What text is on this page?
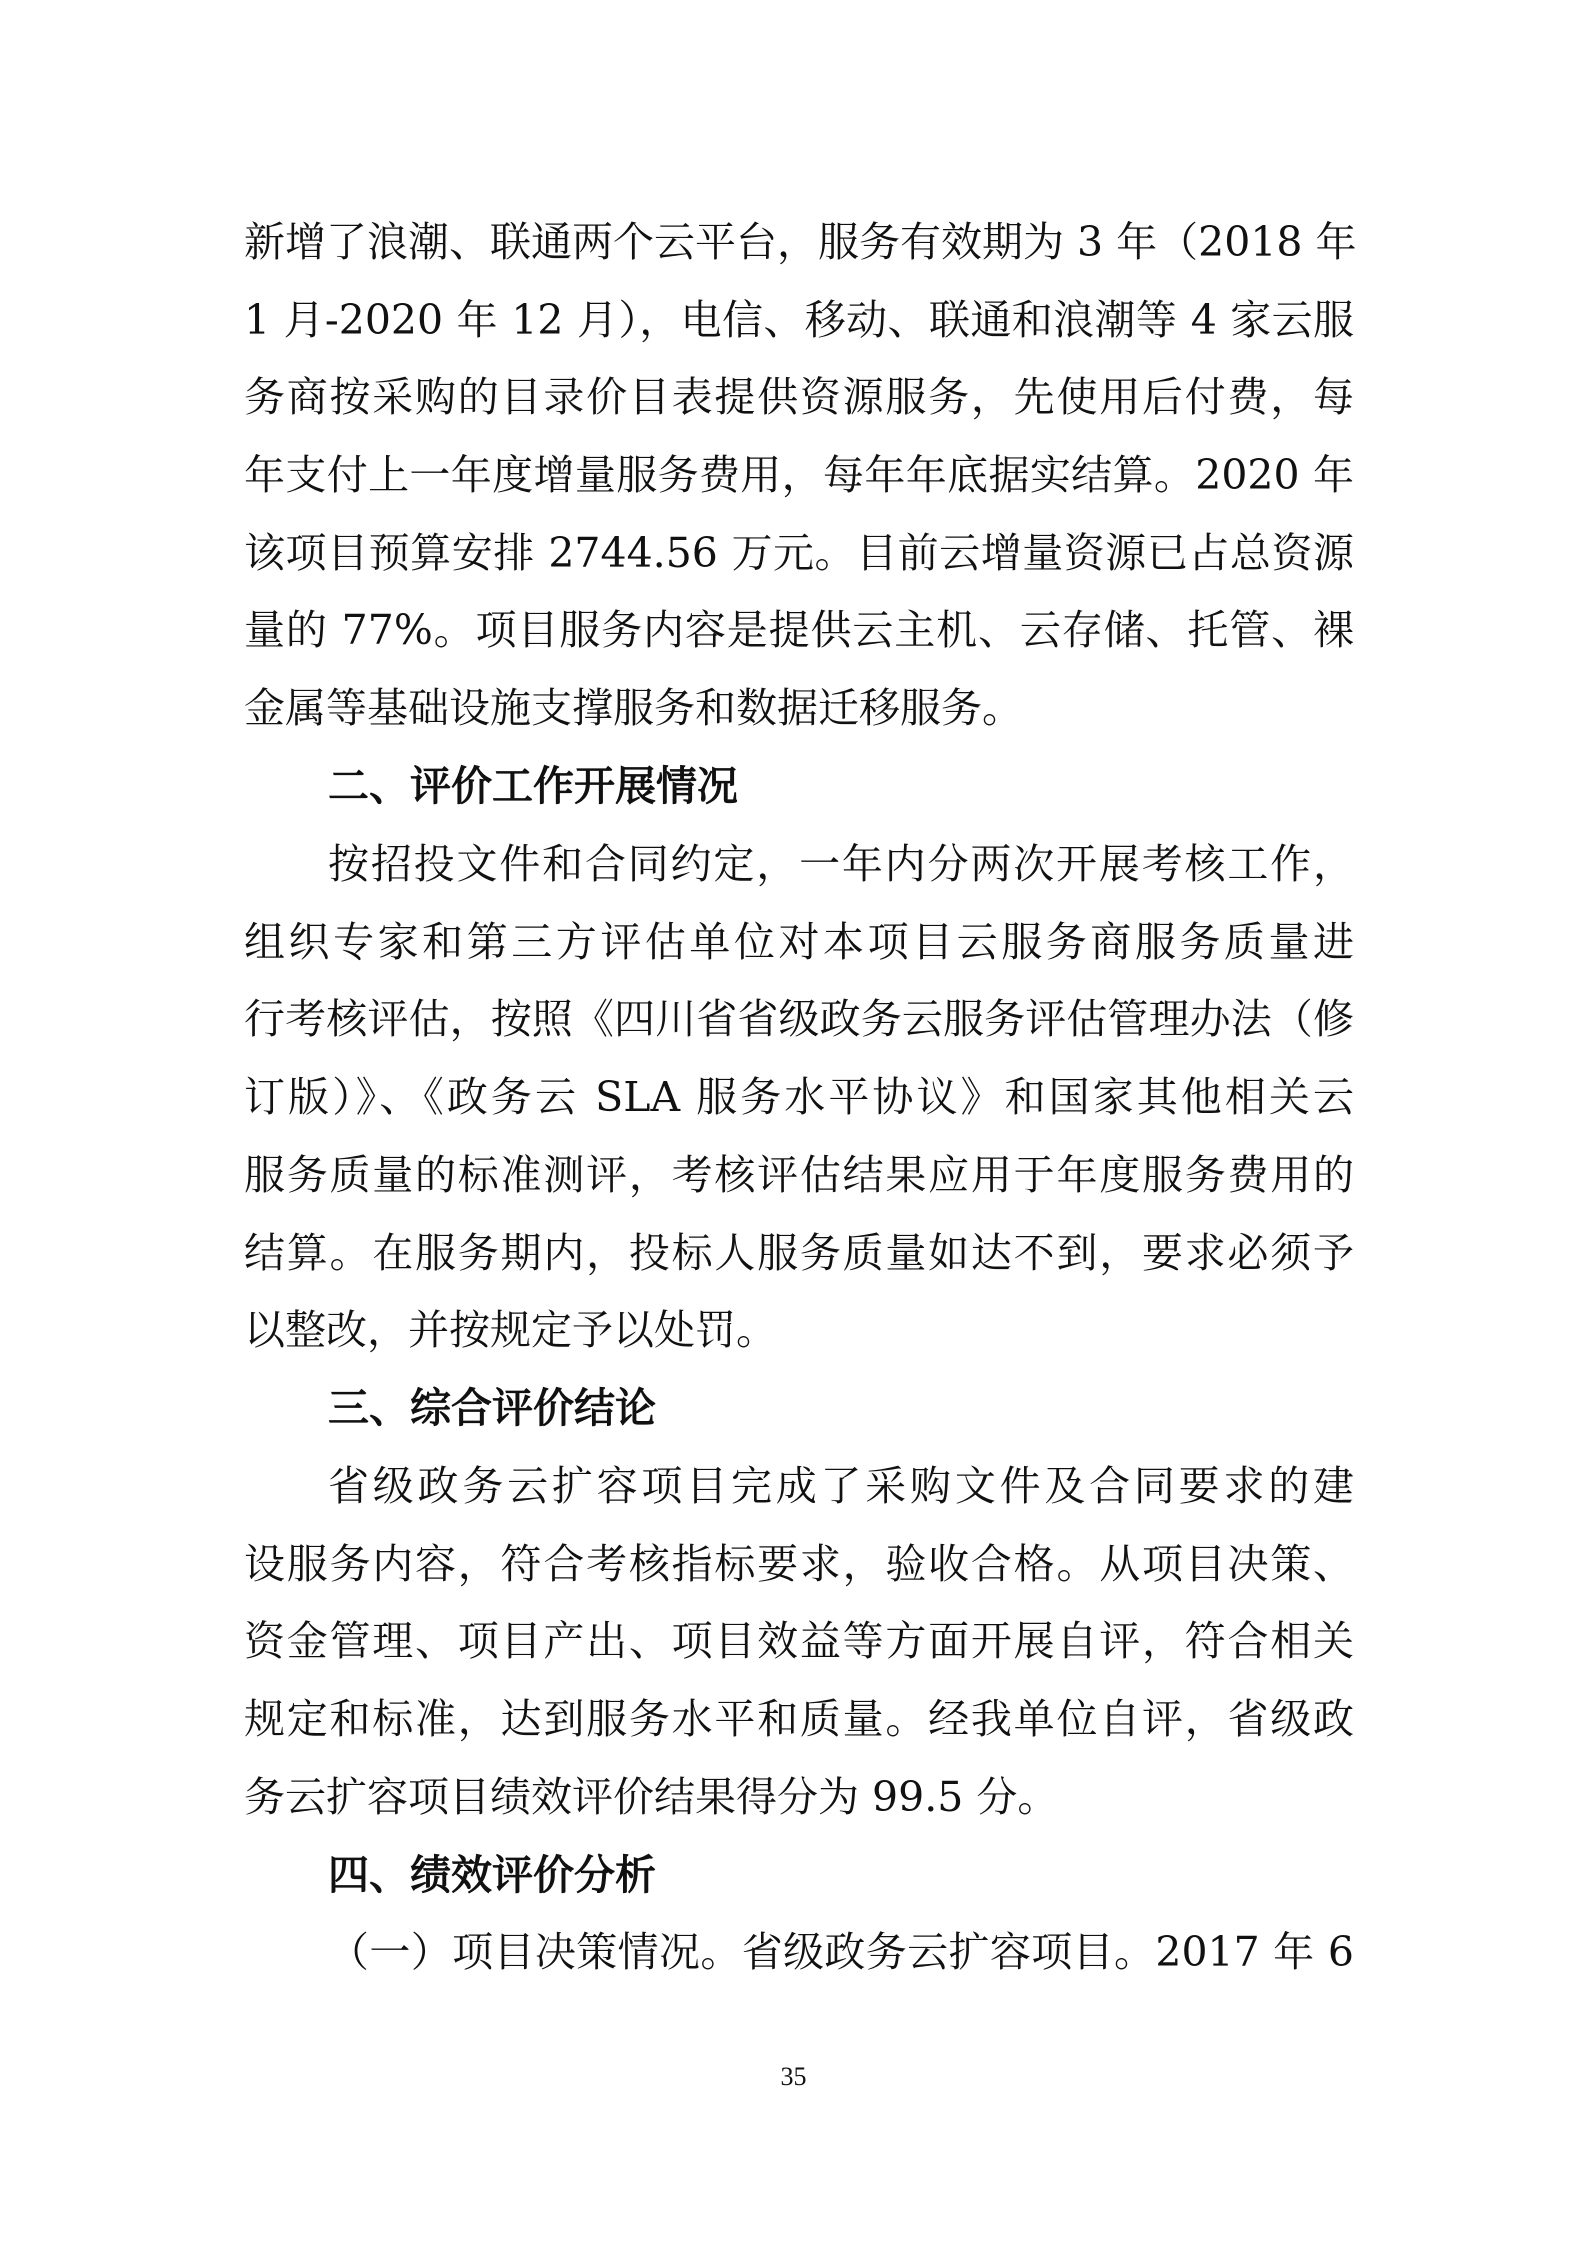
新增了浪潮、联通两个云平台，服务有效期为 3 年（2018 年
1 月-2020 年 12 月），电信、移动、联通和浪潮等 4 家云服
务商按采购的目录价目表提供资源服务，先使用后付费，每
年支付上一年度增量服务费用，每年年底据实结算。2020 年
该项目预算安排 2744.56 万元。目前云增量资源已占总资源
量的 77%。项目服务内容是提供云主机、云存储、托管、裸
金属等基础设施支撑服务和数据迁移服务。
二、评价工作开展情况
按招投文件和合同约定，一年内分两次开展考核工作，
组织专家和第三方评估单位对本项目云服务商服务质量进
行考核评估，按照《四川省省级政务云服务评估管理办法（修
订版）》、《政务云 SLA 服务水平协议》和国家其他相关云
服务质量的标准测评，考核评估结果应用于年度服务费用的
结算。在服务期内，投标人服务质量如达不到，要求必须予
以整改，并按规定予以处罚。
三、综合评价结论
省级政务云扩容项目完成了采购文件及合同要求的建
设服务内容，符合考核指标要求，验收合格。从项目决策、
资金管理、项目产出、项目效益等方面开展自评，符合相关
规定和标准，达到服务水平和质量。经我单位自评，省级政
务云扩容项目绩效评价结果得分为 99.5 分。
四、绩效评价分析
（一）项目决策情况。省级政务云扩容项目。2017 年 6
35
